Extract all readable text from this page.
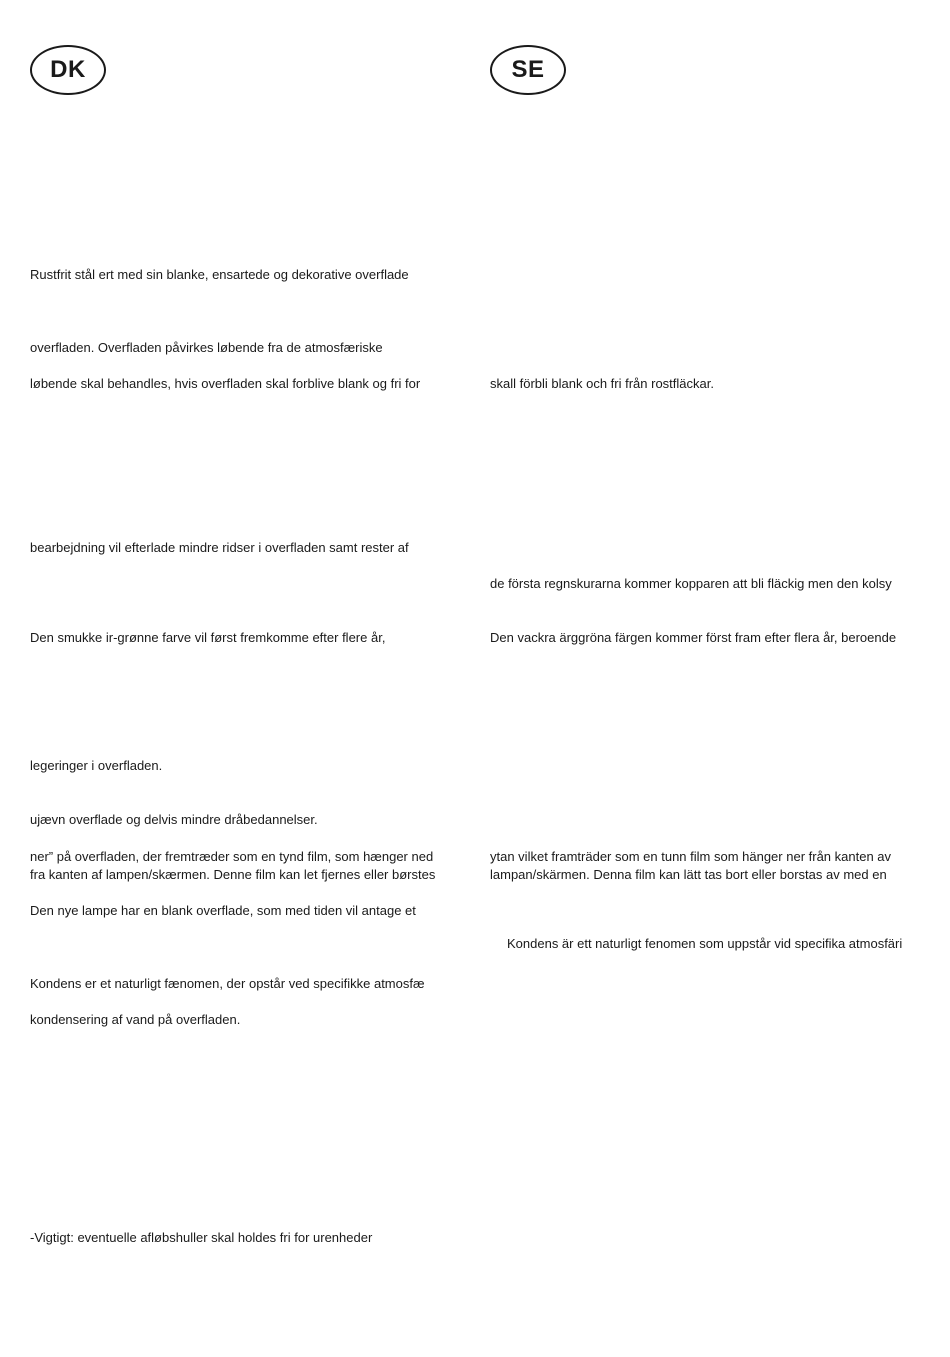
DK	SE
Rustfrit stål ert med sin blanke, ensartede og dekorative overflade
overfladen. Overfladen påvirkes løbende fra de atmosfæriske
løbende skal behandles, hvis overfladen skal forblive blank og fri for
bearbejdning vil efterlade mindre ridser i overfladen samt rester af
Den smukke ir-grønne farve vil først fremkomme efter flere år,
legeringer i overfladen.
ujævn overflade og delvis mindre dråbedannelser.
ner” på overfladen, der fremtræder som en tynd film, som hænger ned
fra kanten af lampen/skærmen. Denne film kan let fjernes eller børstes
Den nye lampe har en blank overflade, som med tiden vil antage et
Kondens er et naturligt fænomen, der opstår ved specifikke atmosfæ
kondensering af vand på overfladen.
-Vigtigt: eventuelle afløbshuller skal holdes fri for urenheder
skall förbli blank och fri från rostfläckar.
de första regnskurarna kommer kopparen att bli fläckig men den kolsy
Den vackra ärggröna färgen kommer först fram efter flera år, beroende
ytan vilket framträder som en tunn film som hänger ner från kanten av
lampan/skärmen. Denna film kan lätt tas bort eller borstas av med en
Kondens är ett naturligt fenomen som uppstår vid specifika atmosfäri
